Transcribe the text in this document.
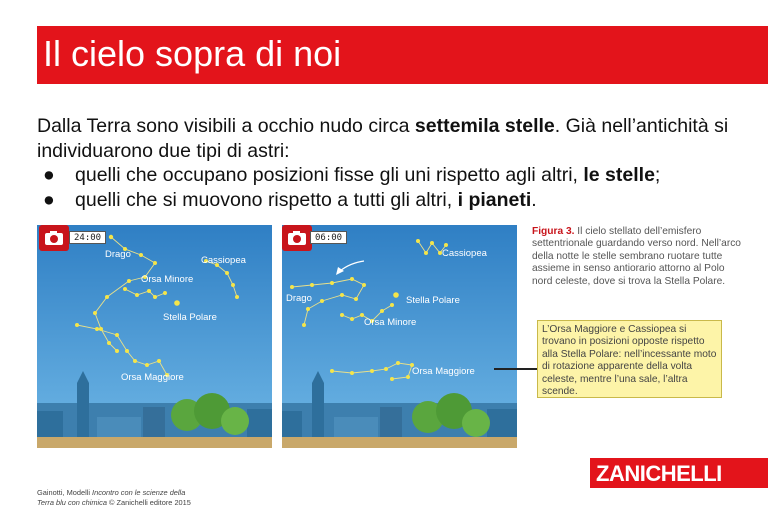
Il cielo sopra di noi

Dalla Terra sono visibili a occhio nudo circa settemila stelle. Già nell’antichità si individuarono due tipi di astri:

● quelli che occupano posizioni fisse gli uni rispetto agli altri, le stelle;
● quelli che si muovono rispetto a tutti gli altri, i pianeti.
Drago
Cassiopea
Orsa Minore
Stella Polare
Orsa Maggiore
24:00
Cassiopea
Drago	Stella Polare
Orsa Minore
Orsa Maggiore
06:00
Figura 3. Il cielo stellato dell’emisfero settentrionale guardando verso nord. Nell’arco della notte le stelle sembrano ruotare tutte assieme in senso antiorario attorno al Polo nord celeste, dove si trova la Stella Polare.
L’Orsa Maggiore e Cassiopea si trovano in posizioni opposte rispetto alla Stella Polare: nell’incessante moto di rotazione apparente della volta celeste, mentre l’una sale, l’altra scende.
ZANICHELLI
Gainotti, Modelli Incontro con le scienze della
Terra blu con chimica © Zanichelli editore 2015
